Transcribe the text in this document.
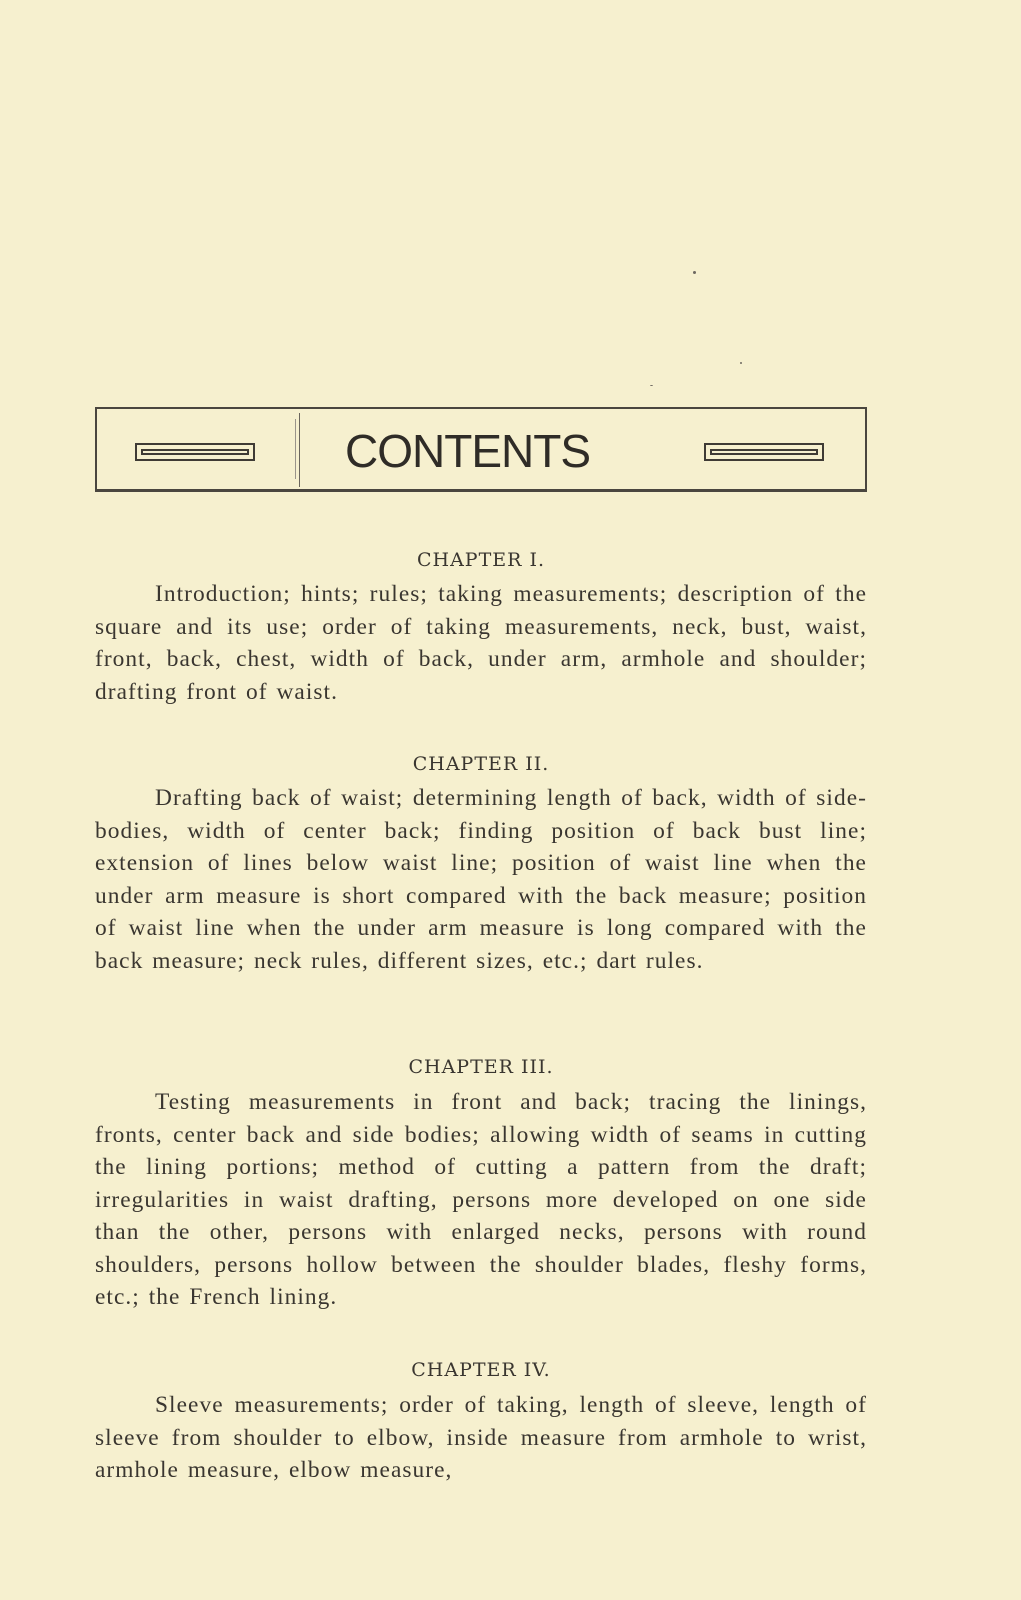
CONTENTS
CHAPTER I.
Introduction; hints; rules; taking measurements; description of the square and its use; order of taking measurements, neck, bust, waist, front, back, chest, width of back, under arm, armhole and shoulder; drafting front of waist.
CHAPTER II.
Drafting back of waist; determining length of back, width of side-bodies, width of center back; finding position of back bust line; extension of lines below waist line; position of waist line when the under arm measure is short compared with the back measure; position of waist line when the under arm measure is long compared with the back measure; neck rules, different sizes, etc.; dart rules.
CHAPTER III.
Testing measurements in front and back; tracing the linings, fronts, center back and side bodies; allowing width of seams in cutting the lining portions; method of cutting a pattern from the draft; irregularities in waist drafting, persons more developed on one side than the other, persons with enlarged necks, persons with round shoulders, persons hollow between the shoulder blades, fleshy forms, etc.; the French lining.
CHAPTER IV.
Sleeve measurements; order of taking, length of sleeve, length of sleeve from shoulder to elbow, inside measure from armhole to wrist, armhole measure, elbow measure,
